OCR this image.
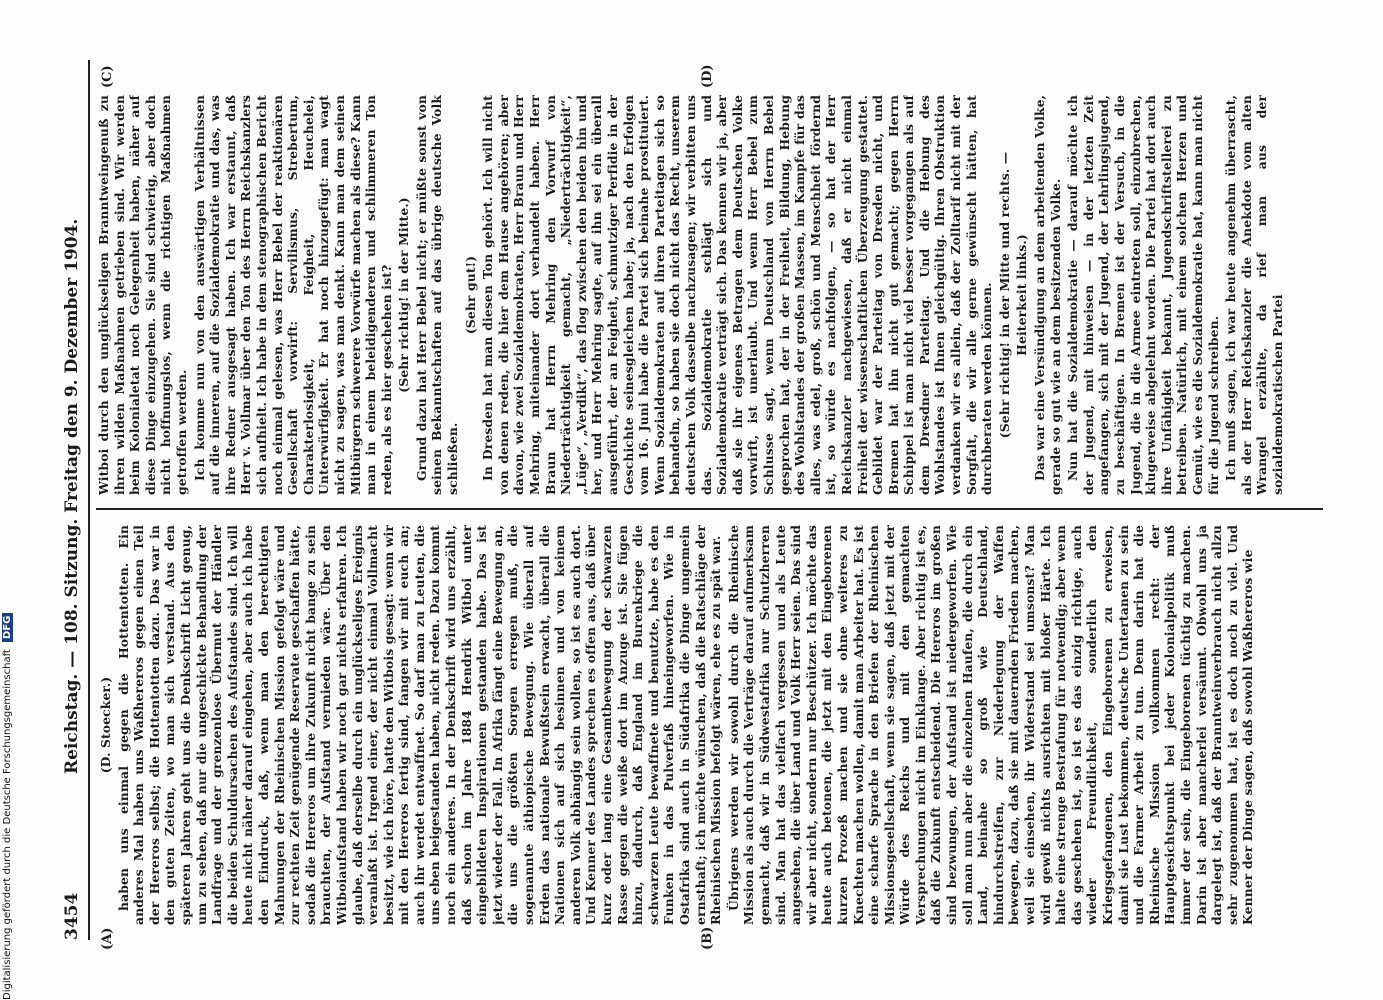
3454
Reichstag. — 108. Sitzung. Freitag den 9. Dezember 1904.
(A)	(B)
(C)	(D)

(D. Stoecker.) haben uns einmal gegen die Hottentotten. Ein anderes Mal haben uns Waßhereros gegen einen Teil der Hereros selbst; die Hottentotten dazu. Das war in den guten Zeiten, wo man sich verstand. Aus den späteren Jahren geht uns die Denkschrift Licht genug, um zu sehen, daß nur die ungeschickte Behandlung der Landfrage und der grenzenlose Übermut der Händler die beiden Schuldursachen des Aufstandes sind. Ich will heute nicht näher darauf eingehen, aber auch ich habe den Eindruck, daß, wenn man den berechtigten Mahnungen der Rheinischen Mission gefolgt wäre und zur rechten Zeit genügende Reservate geschaffen hätte, sodaß die Hereros um ihre Zukunft nicht bange zu sein brauchten, der Aufstand vermieden wäre. Über den Witboiaufstand haben wir noch gar nichts erfahren. Ich glaube, daß derselbe durch ein unglückseliges Ereignis veranlaßt ist. Irgend einer, der nicht einmal Vollmacht besitzt, wie ich höre, hatte den Witbois gesagt: wenn wir mit den Hereros fertig sind, fangen wir mit euch an; auch ihr werdet entwaffnet. So darf man zu Leuten, die uns eben beigestanden haben, nicht reden. Dazu kommt noch ein anderes. In der Denkschrift wird uns erzählt, daß schon im Jahre 1884 Hendrik Witboi unter eingebildeten Inspirationen gestanden habe. Das ist jetzt wieder der Fall. In Afrika fängt eine Bewegung an, die uns die größten Sorgen erregen muß, die sogenannte äthiopische Bewegung. Wie überall auf Erden das nationale Bewußtsein erwacht, überall die Nationen sich auf sich besinnen und von keinem anderen Volk abhängig sein wollen, so ist es auch dort. Und Kenner des Landes sprechen es offen aus, daß über kurz oder lang eine Gesamtbewegung der schwarzen Rasse gegen die weiße dort im Anzuge ist. Sie fügen hinzu, dadurch, daß England im Burenkriege die schwarzen Leute bewaffnete und benutzte, habe es den Funken in das Pulverfaß hineingeworfen. Wie in Ostafrika sind auch in Südafrika die Dinge ungemein ernsthaft; ich möchte wünschen, daß die Ratschläge der Rheinischen Mission befolgt wären, ehe es zu spät war. Übrigens werden wir sowohl durch die Rheinische Mission als auch durch die Verträge darauf aufmerksam gemacht, daß wir in Südwestafrika nur Schutzherren sind. Man hat das vielfach vergessen und als Leute angesehen, die über Land und Volk Herr seien. Das sind wir aber nicht, sondern nur Beschützer. Ich möchte das heute auch betonen, die jetzt mit den Eingeborenen kurzen Prozeß machen und sie ohne weiteres zu Knechten machen wollen, damit man Arbeiter hat. Es ist eine scharfe Sprache in den Briefen der Rheinischen Missionsgesellschaft, wenn sie sagen, daß jetzt mit der Würde des Reichs und mit den gemachten Versprechungen nicht im Einklange. Aber richtig ist es, daß die Zukunft entscheidend. Die Hereros im großen sind bezwungen, der Aufstand ist niedergeworfen. Wie soll man nun aber die einzelnen Haufen, die durch ein Land, beinahe so groß wie Deutschland, hindurchstreifen, zur Niederlegung der Waffen bewegen, dazu, daß sie mit dauernden Frieden machen, weil sie einsehen, ihr Widerstand sei umsonst? Man wird gewiß nichts ausrichten mit bloßer Härte. Ich halte eine strenge Bestrafung für notwendig; aber wenn das geschehen ist, so ist es das einzig richtige, auch wieder Freundlichkeit, sonderlich den Kriegsgefangenen, den Eingeborenen zu erweisen, damit sie Lust bekommen, deutsche Untertanen zu sein und die Farmer Arbeit zu tun. Denn darin hat die Rheinische Mission vollkommen recht: der Hauptgesichtspunkt bei jeder Kolonialpolitik muß immer der sein, die Eingeborenen tüchtig zu machen. Darin ist aber mancherlei versäumt. Obwohl uns ja dargelegt ist, daß der Branntweinverbrauch nicht allzu sehr zugenommen hat, ist es doch noch zu viel. Und Kenner der Dinge sagen, daß sowohl Waßhereros wie

Witboi durch den unglückseligen Branntweingenuß zu ihren wilden Maßnahmen getrieben sind. Wir werden beim Kolonialetat noch Gelegenheit haben, näher auf diese Dinge einzugehen. Sie sind schwierig, aber doch nicht hoffnungslos, wenn die richtigen Maßnahmen getroffen werden. Ich komme nun von den auswärtigen Verhältnissen auf die inneren, auf die Sozialdemokratie und das, was ihre Redner ausgesagt haben. Ich war erstaunt, daß Herr v. Vollmar über den Ton des Herrn Reichskanzlers sich aufhielt. Ich habe in dem stenographischen Bericht noch einmal gelesen, was Herr Bebel der reaktionären Gesellschaft vorwirft: Servilismus, Strebertum, Charakterlosigkeit, Feigheit, Heuchelei, Unterwürfigkeit. Er hat noch hinzugefügt: man wagt nicht zu sagen, was man denkt. Kann man dem seinen Mitbürgern schwerere Vorwürfe machen als diese? Kann man in einem beleidigenderen und schlimmeren Ton reden, als es hier geschehen ist? (Sehr richtig! in der Mitte.) Grund dazu hat Herr Bebel nicht; er müßte sonst von seinen Bekanntschaften auf das übrige deutsche Volk schließen.

(Sehr gut!) In Dresden hat man diesen Ton gehört. Ich will nicht von denen reden, die hier dem Hause angehören; aber davon, wie zwei Sozialdemokraten, Herr Braun und Herr Mehring, miteinander dort verhandelt haben. Herr Braun hat Herrn Mehring den Vorwurf von Niederträchtigkeit gemacht, „Niederträchtigkeit“, „Lüge“, „Verdikt“, das flog zwischen den beiden hin und her, und Herr Mehring sagte, auf ihn sei ein überall ausgeführt, der an Feigheit, schmutziger Perfidie in der Geschichte seinesgleichen habe; ja, nach den Erfolgen vom 16. Juni habe die Partei sich beinahe prostituiert. Wenn Sozialdemokraten auf ihren Parteitagen sich so behandeln, so haben sie doch nicht das Recht, unserem deutschen Volk dasselbe nachzusagen; wir verbitten uns das. Sozialdemokratie schlägt sich und Sozialdemokratie verträgt sich. Das kennen wir ja, aber daß sie ihr eigenes Betragen dem Deutschen Volke vorwirft, ist unerlaubt. Und wenn Herr Bebel zum Schlusse sagt, wenn Deutschland von Herrn Bebel gesprochen hat, der in der Freiheit, Bildung, Hebung des Wohlstandes der großen Massen, im Kampfe für das alles, was edel, groß, schön und Menschheit fördernd ist, so würde es nachfolgen, — so hat der Herr Reichskanzler nachgewiesen, daß er nicht einmal Freiheit der wissenschaftlichen Überzeugung gestattet. Gebildet war der Parteitag von Dresden nicht, und Bremen hat ihn nicht gut gemacht; gegen Herrn Schippel ist man nicht viel besser vorgegangen als auf dem Dresdner Parteitag. Und die Hebung des Wohlstandes ist Ihnen gleichgültig. Ihren Obstruktion verdanken wir es allein, daß der Zolltarif nicht mit der Sorgfalt, die wir alle gerne gewünscht hätten, hat durchberaten werden können. (Sehr richtig! in der Mitte und rechts. — Heiterkeit links.) Das war eine Versündigung an dem arbeitenden Volke, gerade so gut wie an dem besitzenden Volke. Nun hat die Sozialdemokratie — darauf möchte ich der Jugend, mit hinweisen — in der letzten Zeit angefangen, sich mit der Jugend, der Lehrlingsjugend, zu beschäftigen. In Bremen ist der Versuch, in die Jugend, die in die Armee eintreten soll, einzubrechen, klugerweise abgelehnt worden. Die Partei hat dort auch ihre Unfähigkeit bekannt, Jugendschriftstellerei zu betreiben. Natürlich, mit einem solchen Herzen und Gemüt, wie es die Sozialdemokratie hat, kann man nicht für die Jugend schreiben. Ich muß sagen, ich war heute angenehm überrascht, als der Herr Reichskanzler die Anekdote vom alten Wrangel erzählte, da rief man aus der sozialdemokratischen Partei

Digitalisierung gefördert durch die Deutsche Forschungsgemeinschaft DFG
